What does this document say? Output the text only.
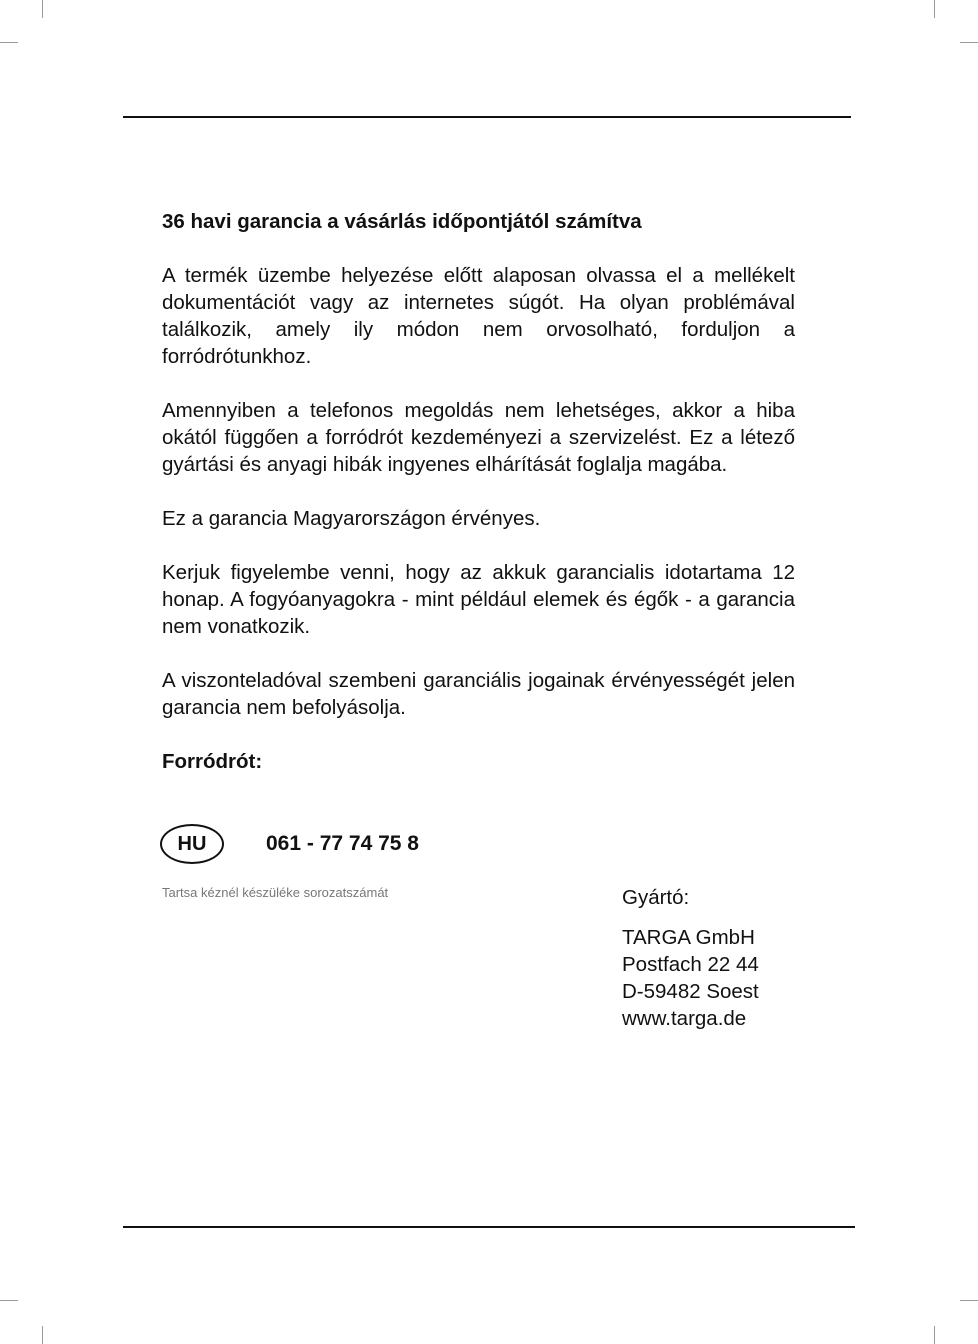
36 havi garancia a vásárlás időpontjától számítva

A termék üzembe helyezése előtt alaposan olvassa el a mellékelt dokumentációt vagy az internetes súgót. Ha olyan problémával találkozik, amely ily módon nem orvosolható, forduljon a forródrótunkhoz.

Amennyiben a telefonos megoldás nem lehetséges, akkor a hiba okától függően a forródrót kezdeményezi a szervizelést. Ez a létező gyártási és anyagi hibák ingyenes elhárítását foglalja magába.

Ez a garancia Magyarországon érvényes.

Kerjuk figyelembe venni, hogy az akkuk garancialis idotartama 12 honap. A fogyóanyagokra - mint például elemek és égők - a garancia nem vonatkozik.

A viszonteladóval szembeni garanciális jogainak érvényességét jelen garancia nem befolyásolja.

Forródrót:

HU	061 - 77 74 75 8
Tartsa kéznél készüléke sorozatszámát	Gyártó:
TARGA GmbH
Postfach 22 44
D-59482 Soest
www.targa.de
